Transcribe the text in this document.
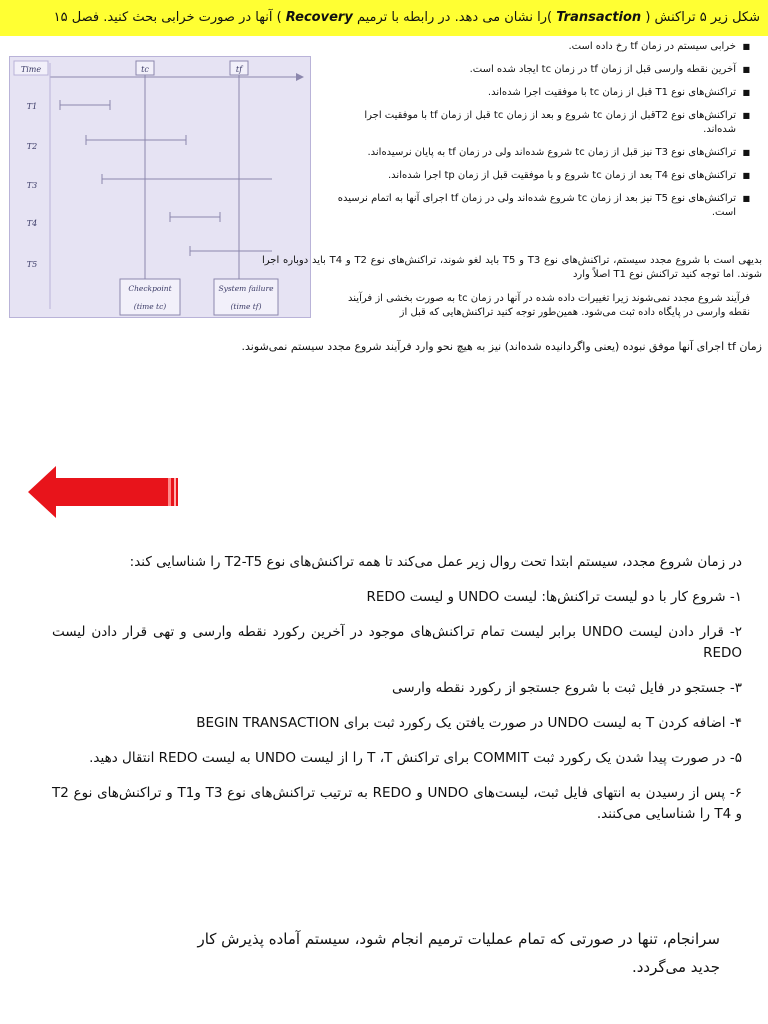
شکل زیر ۵ تراکنش ( Transaction )را نشان می دهد. در رابطه با ترمیم Recovery ) آنها در صورت خرابی بحث کنید. فصل ۱۵
Time	tc	tf
T1
T2
T3
T4
T5
Checkpoint
(time tc)
System failure
(time tf)
■ خرابی سیستم در زمان tf رخ داده است.
■ آخرین نقطه وارسی قبل از زمان tf در زمان tc ایجاد شده است.
■ تراکنش‌های نوع T1 قبل از زمان tc با موفقیت اجرا شده‌اند.
■ تراکنش‌های نوع T2قبل از زمان tc شروع و بعد از زمان tc قبل از زمان tf با موفقیت اجرا شده‌اند.
■ تراکنش‌های نوع T3 نیز قبل از زمان tc شروع شده‌اند ولی در زمان tf به پایان نرسیده‌اند.
■ تراکنش‌های نوع T4 بعد از زمان tc شروع و با موفقیت قبل از زمان tp اجرا شده‌اند.
■ تراکنش‌های نوع T5 نیز بعد از زمان tc شروع شده‌اند ولی در زمان tf اجرای آنها به اتمام نرسیده است.

بدیهی است با شروع مجدد سیستم، تراکنش‌های نوع T3 و T5 باید لغو شوند، تراکنش‌های نوع T2 و T4 باید دوباره اجرا شوند. اما توجه کنید تراکنش نوع T1 اصلاً وارد

فرآیند شروع مجدد نمی‌شوند زیرا تغییرات داده شده در آنها در زمان tc به صورت بخشی از فرآیند نقطه وارسی در پایگاه داده ثبت می‌شود. همین‌طور توجه کنید تراکنش‌هایی که قبل از

زمان tf اجرای آنها موفق نبوده (یعنی واگردانیده شده‌اند) نیز به هیچ نحو وارد فرآیند شروع مجدد سیستم نمی‌شوند.

در زمان شروع مجدد، سیستم ابتدا تحت روال زیر عمل می‌کند تا همه تراکنش‌های نوع T2-T5 را شناسایی کند:

۱- شروع کار با دو لیست تراکنش‌ها: لیست UNDO و لیست REDO

۲- قرار دادن لیست UNDO برابر لیست تمام تراکنش‌های موجود در آخرین رکورد نقطه وارسی و تهی قرار دادن لیست REDO

۳- جستجو در فایل ثبت با شروع جستجو از رکورد نقطه وارسی

۴- اضافه کردن T به لیست UNDO در صورت یافتن یک رکورد ثبت برای BEGIN TRANSACTION

۵- در صورت پیدا شدن یک رکورد ثبت COMMIT برای تراکنش T ،T را از لیست UNDO به لیست REDO انتقال دهید.

۶- پس از رسیدن به انتهای فایل ثبت، لیست‌های UNDO و REDO به ترتیب تراکنش‌های نوع T3 وT1 و تراکنش‌های نوع T2 و T4 را شناسایی می‌کنند.

سرانجام، تنها در صورتی که تمام عملیات ترمیم انجام شود، سیستم آماده پذیرش کار جدید می‌گردد.
